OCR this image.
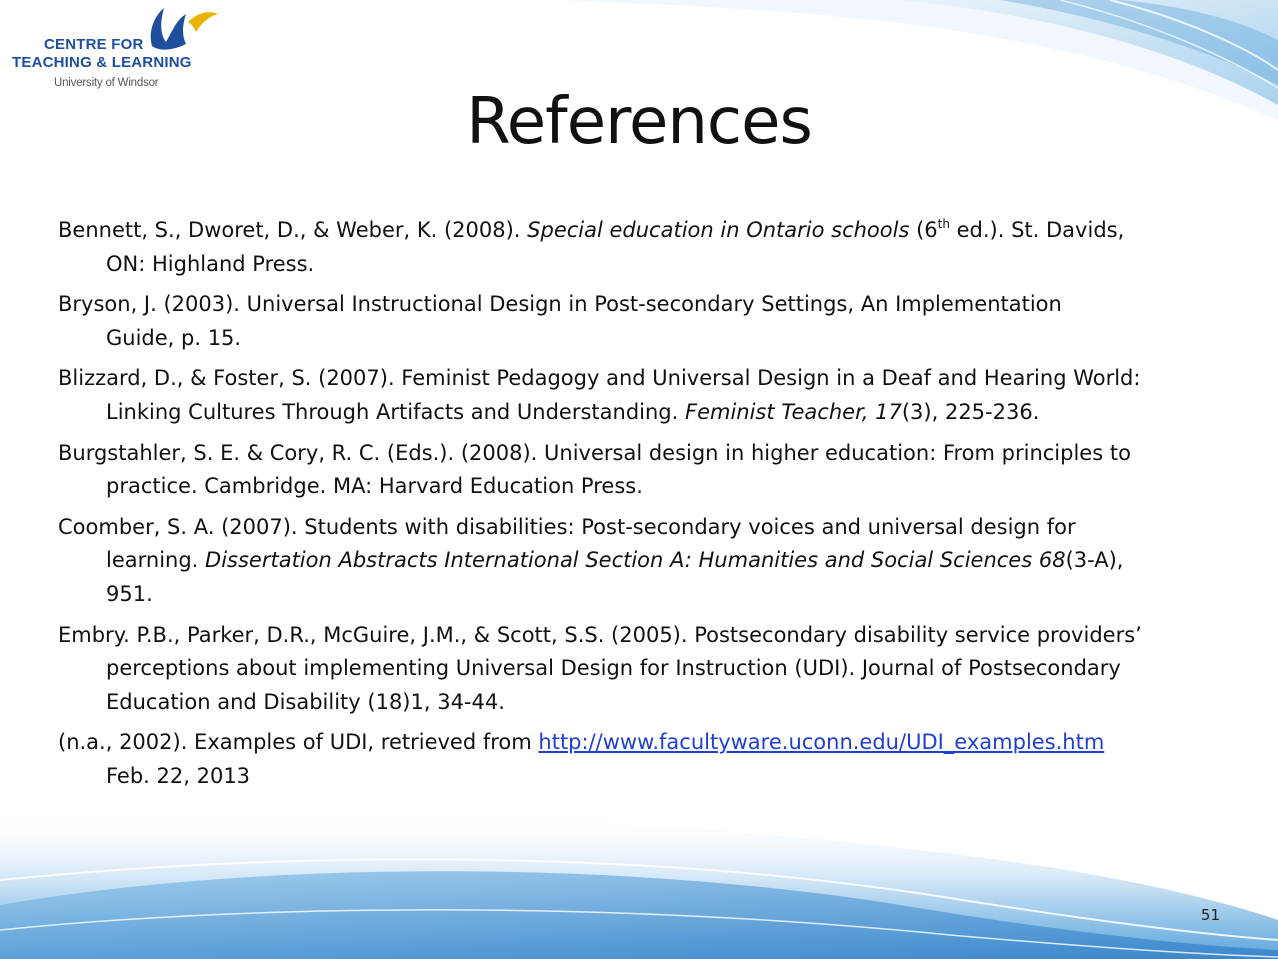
CENTRE FOR
TEACHING & LEARNING
University of Windsor
References
Bennett, S., Dworet, D., & Weber, K. (2008). Special education in Ontario schools (6th ed.). St. Davids,
ON: Highland Press.
Bryson, J. (2003). Universal Instructional Design in Post-secondary Settings, An Implementation
Guide, p. 15.
Blizzard, D., & Foster, S. (2007). Feminist Pedagogy and Universal Design in a Deaf and Hearing World:
Linking Cultures Through Artifacts and Understanding. Feminist Teacher, 17(3), 225-236.
Burgstahler, S. E. & Cory, R. C. (Eds.). (2008). Universal design in higher education: From principles to
practice. Cambridge. MA: Harvard Education Press.
Coomber, S. A. (2007). Students with disabilities: Post-secondary voices and universal design for
learning. Dissertation Abstracts International Section A: Humanities and Social Sciences 68(3-A),
951.
Embry. P.B., Parker, D.R., McGuire, J.M., & Scott, S.S. (2005). Postsecondary disability service providers’
perceptions about implementing Universal Design for Instruction (UDI). Journal of Postsecondary
Education and Disability (18)1, 34-44.
(n.a., 2002). Examples of UDI, retrieved from http://www.facultyware.uconn.edu/UDI_examples.htm
Feb. 22, 2013
51
